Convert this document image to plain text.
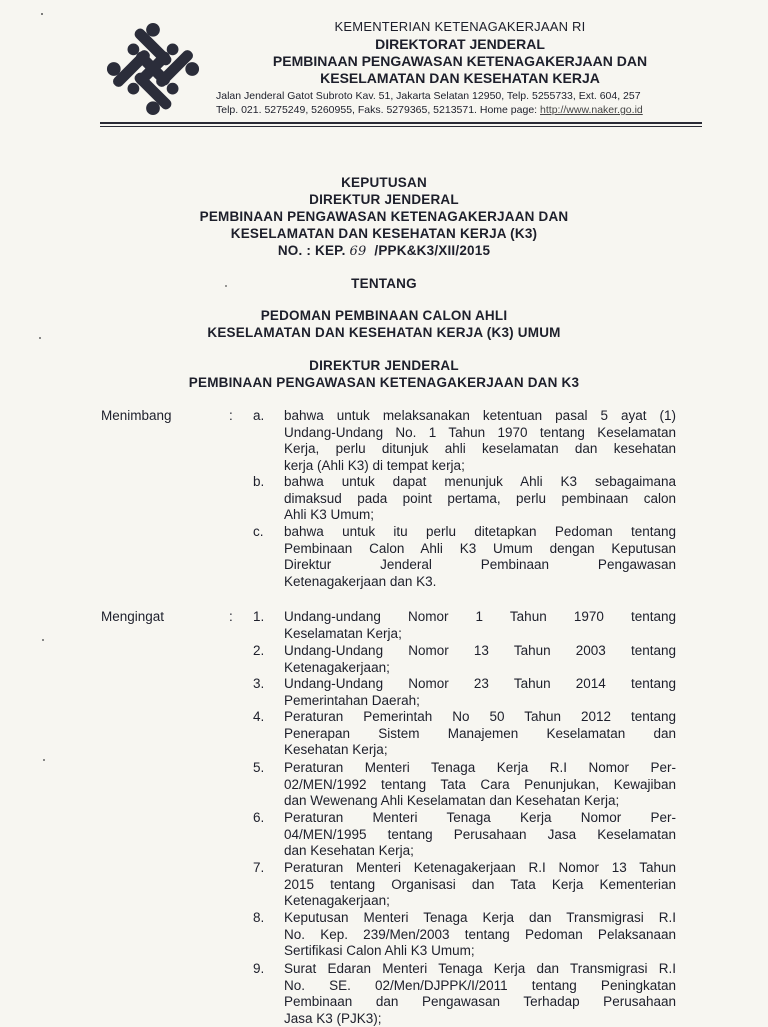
KEMENTERIAN KETENAGAKERJAAN RI
DIREKTORAT JENDERAL
PEMBINAAN PENGAWASAN KETENAGAKERJAAN DAN
KESELAMATAN DAN KESEHATAN KERJA
Jalan Jenderal Gatot Subroto Kav. 51, Jakarta Selatan 12950, Telp. 5255733, Ext. 604, 257
Telp. 021. 5275249, 5260955, Faks. 5279365, 5213571. Home page: http://www.naker.go.id
KEPUTUSAN
DIREKTUR JENDERAL
PEMBINAAN PENGAWASAN KETENAGAKERJAAN DAN
KESELAMATAN DAN KESEHATAN KERJA (K3)
NO. : KEP. 69 /PPK&K3/XII/2015
TENTANG
PEDOMAN PEMBINAAN CALON AHLI
KESELAMATAN DAN KESEHATAN KERJA (K3) UMUM
DIREKTUR JENDERAL
PEMBINAAN PENGAWASAN KETENAGAKERJAAN DAN K3
Menimbang	: a. bahwa untuk melaksanakan ketentuan pasal 5 ayat (1)
Undang-Undang No. 1 Tahun 1970 tentang Keselamatan
Kerja, perlu ditunjuk ahli keselamatan dan kesehatan
kerja (Ahli K3) di tempat kerja;
b. bahwa untuk dapat menunjuk Ahli K3 sebagaimana
dimaksud pada point pertama, perlu pembinaan calon
Ahli K3 Umum;
c. bahwa untuk itu perlu ditetapkan Pedoman tentang
Pembinaan Calon Ahli K3 Umum dengan Keputusan
Direktur Jenderal Pembinaan Pengawasan
Ketenagakerjaan dan K3.
Mengingat	: 1. Undang-undang Nomor 1 Tahun 1970 tentang
Keselamatan Kerja;
2. Undang-Undang Nomor 13 Tahun 2003 tentang
Ketenagakerjaan;
3. Undang-Undang Nomor 23 Tahun 2014 tentang
Pemerintahan Daerah;
4. Peraturan Pemerintah No 50 Tahun 2012 tentang
Penerapan Sistem Manajemen Keselamatan dan
Kesehatan Kerja;
5. Peraturan Menteri Tenaga Kerja R.I Nomor Per-
02/MEN/1992 tentang Tata Cara Penunjukan, Kewajiban
dan Wewenang Ahli Keselamatan dan Kesehatan Kerja;
6. Peraturan Menteri Tenaga Kerja Nomor Per-
04/MEN/1995 tentang Perusahaan Jasa Keselamatan
dan Kesehatan Kerja;
7. Peraturan Menteri Ketenagakerjaan R.I Nomor 13 Tahun
2015 tentang Organisasi dan Tata Kerja Kementerian
Ketenagakerjaan;
8. Keputusan Menteri Tenaga Kerja dan Transmigrasi R.I
No. Kep. 239/Men/2003 tentang Pedoman Pelaksanaan
Sertifikasi Calon Ahli K3 Umum;
9. Surat Edaran Menteri Tenaga Kerja dan Transmigrasi R.I
No. SE. 02/Men/DJPPK/I/2011 tentang Peningkatan
Pembinaan dan Pengawasan Terhadap Perusahaan
Jasa K3 (PJK3);
